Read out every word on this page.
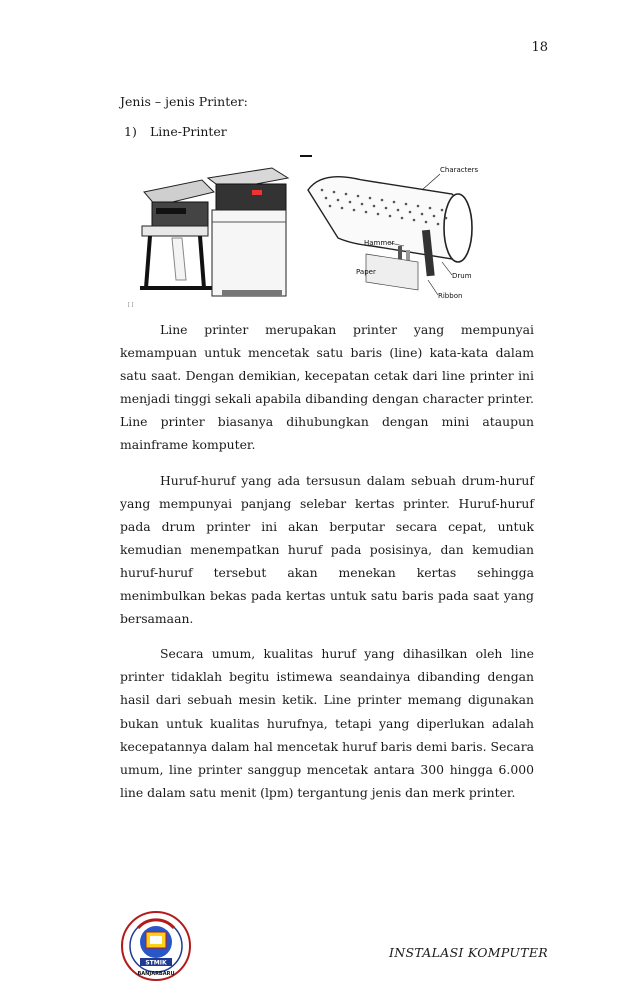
18
Jenis – jenis Printer:
1) Line-Printer
[ ]
Characters
Hammer
Paper	Drum
Ribbon

Line printer merupakan printer yang mempunyai kemampuan untuk mencetak satu baris (line) kata-kata dalam satu saat. Dengan demikian, kecepatan cetak dari line printer ini menjadi tinggi sekali apabila dibanding dengan character printer. Line printer biasanya dihubungkan dengan mini ataupun mainframe komputer.

Huruf-huruf yang ada tersusun dalam sebuah drum-huruf yang mempunyai panjang selebar kertas printer. Huruf-huruf pada drum printer ini akan berputar secara cepat, untuk kemudian menempatkan huruf pada posisinya, dan kemudian huruf-huruf tersebut akan menekan kertas sehingga menimbulkan bekas pada kertas untuk satu baris pada saat yang bersamaan.

Secara umum, kualitas huruf yang dihasilkan oleh line printer tidaklah begitu istimewa seandainya dibanding dengan hasil dari sebuah mesin ketik. Line printer memang digunakan bukan untuk kualitas hurufnya, tetapi yang diperlukan adalah kecepatannya dalam hal mencetak huruf baris demi baris. Secara umum, line printer sanggup mencetak antara 300 hingga 6.000 line dalam satu menit (lpm) tergantung jenis dan merk printer.

STMIK
BANJARBARU
INSTALASI KOMPUTER
